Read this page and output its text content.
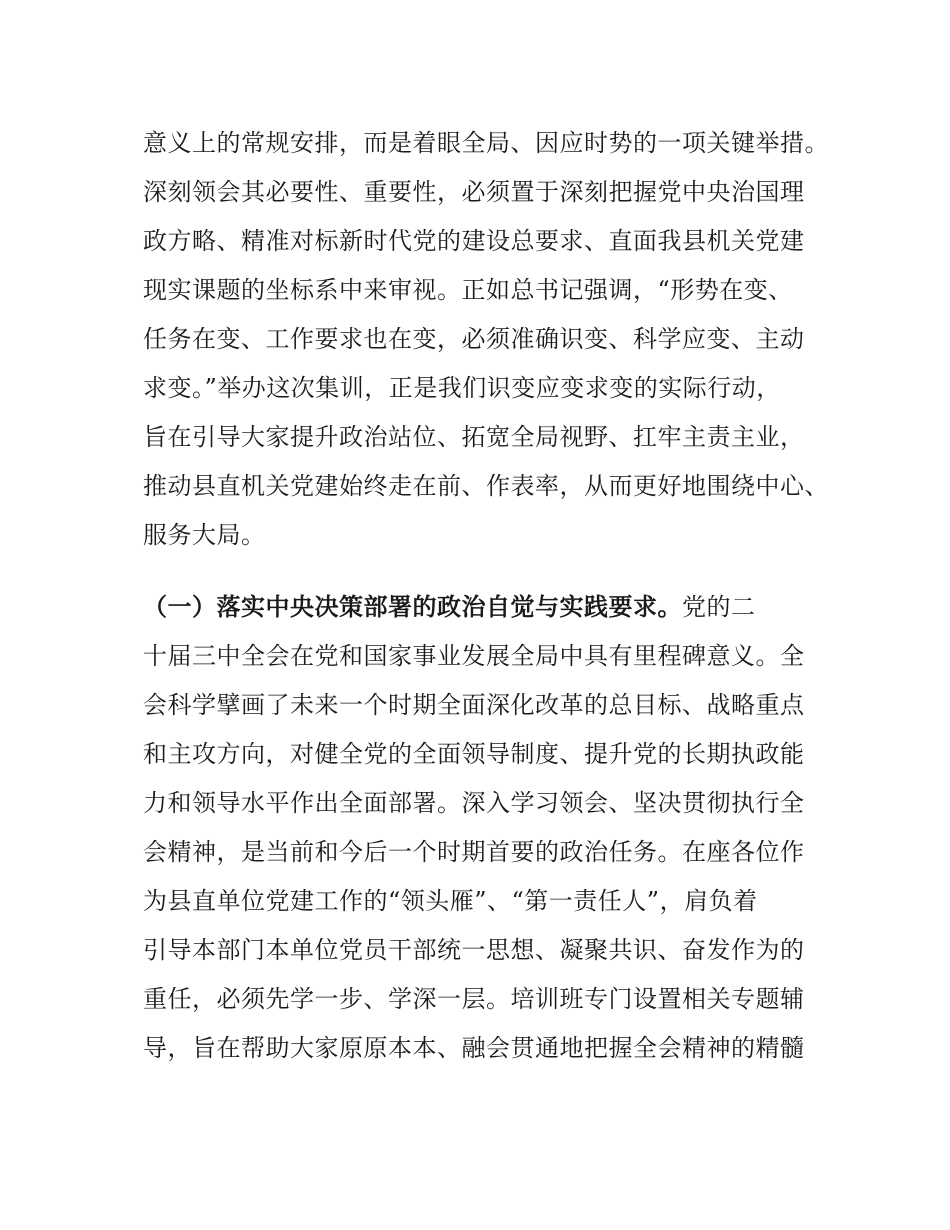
意义上的常规安排，而是着眼全局、因应时势的一项关键举措。
深刻领会其必要性、重要性，必须置于深刻把握党中央治国理
政方略、精准对标新时代党的建设总要求、直面我县机关党建
现实课题的坐标系中来审视。正如总书记强调，“形势在变、
任务在变、工作要求也在变，必须准确识变、科学应变、主动
求变。”举办这次集训，正是我们识变应变求变的实际行动，
旨在引导大家提升政治站位、拓宽全局视野、扛牢主责主业，
推动县直机关党建始终走在前、作表率，从而更好地围绕中心、
服务大局。
（一）落实中央决策部署的政治自觉与实践要求。党的二
十届三中全会在党和国家事业发展全局中具有里程碑意义。全
会科学擘画了未来一个时期全面深化改革的总目标、战略重点
和主攻方向，对健全党的全面领导制度、提升党的长期执政能
力和领导水平作出全面部署。深入学习领会、坚决贯彻执行全
会精神，是当前和今后一个时期首要的政治任务。在座各位作
为县直单位党建工作的“领头雁”、“第一责任人”，肩负着
引导本部门本单位党员干部统一思想、凝聚共识、奋发作为的
重任，必须先学一步、学深一层。培训班专门设置相关专题辅
导，旨在帮助大家原原本本、融会贯通地把握全会精神的精髓
